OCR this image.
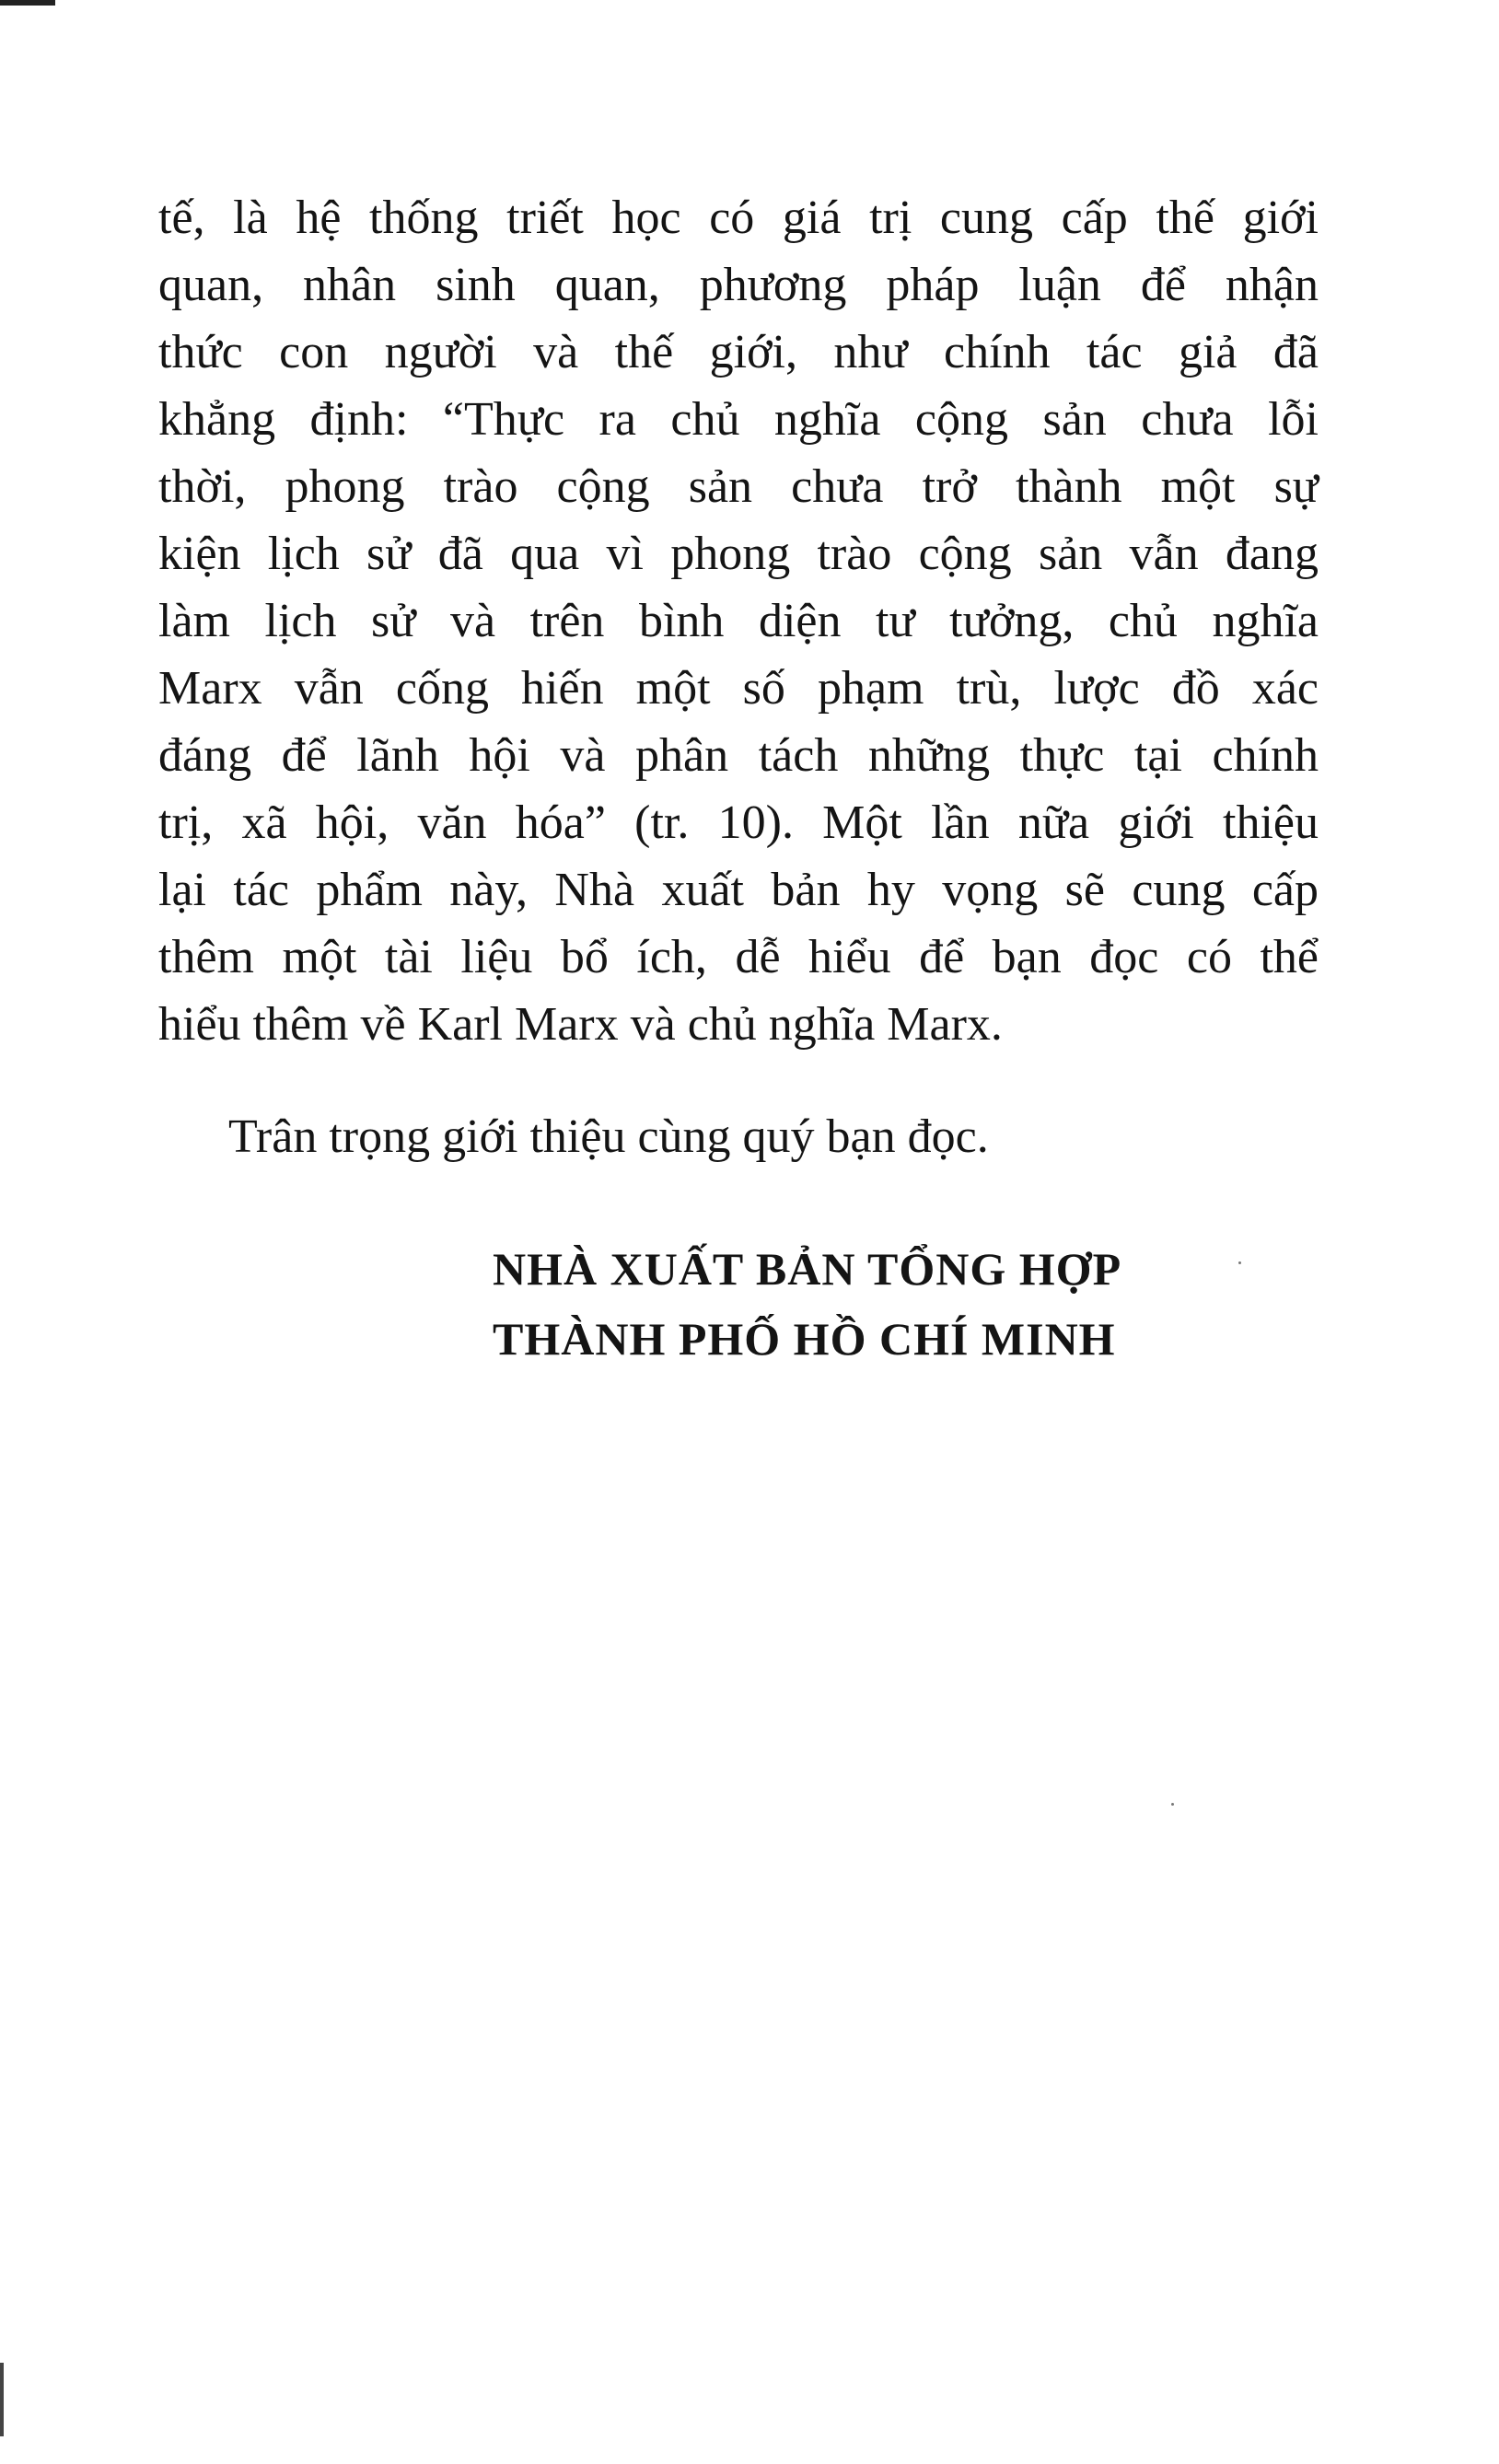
tế, là hệ thống triết học có giá trị cung cấp thế giới
quan, nhân sinh quan, phương pháp luận để nhận
thức con người và thế giới, như chính tác giả đã
khẳng định: “Thực ra chủ nghĩa cộng sản chưa lỗi
thời, phong trào cộng sản chưa trở thành một sự
kiện lịch sử đã qua vì phong trào cộng sản vẫn đang
làm lịch sử và trên bình diện tư tưởng, chủ nghĩa
Marx vẫn cống hiến một số phạm trù, lược đồ xác
đáng để lãnh hội và phân tách những thực tại chính
trị, xã hội, văn hóa” (tr. 10). Một lần nữa giới thiệu
lại tác phẩm này, Nhà xuất bản hy vọng sẽ cung cấp
thêm một tài liệu bổ ích, dễ hiểu để bạn đọc có thể
hiểu thêm về Karl Marx và chủ nghĩa Marx.
Trân trọng giới thiệu cùng quý bạn đọc.
NHÀ XUẤT BẢN TỔNG HỢP
THÀNH PHỐ HỒ CHÍ MINH
